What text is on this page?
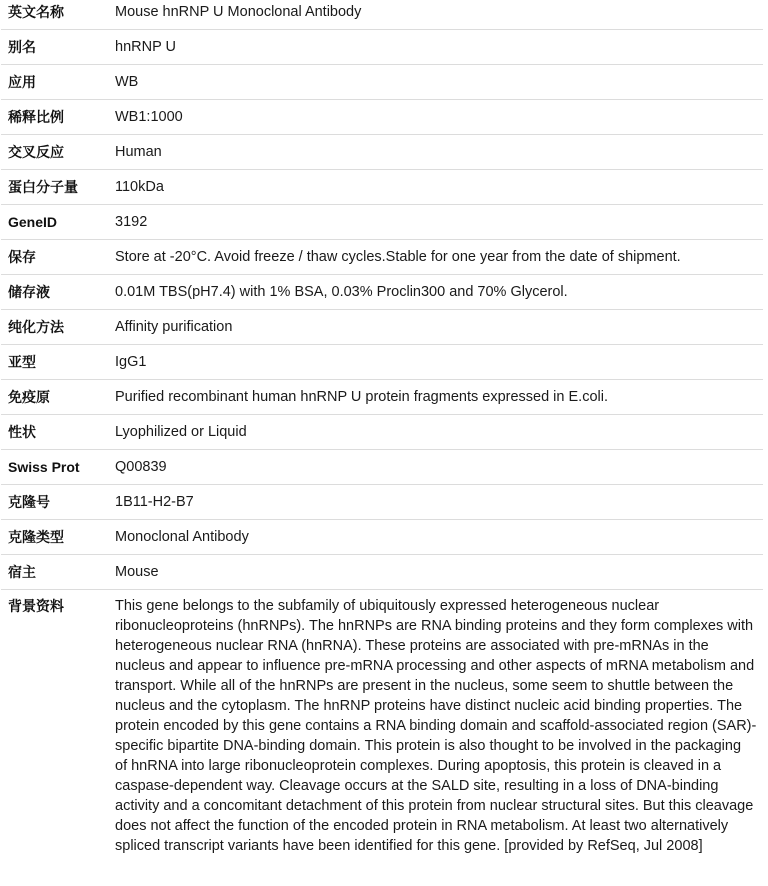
英文名称	Mouse hnRNP U Monoclonal Antibody
别名	hnRNP U
应用	WB
稀释比例	WB1:1000
交叉反应	Human
蛋白分子量	110kDa
GeneID	3192
保存	Store at -20°C. Avoid freeze / thaw cycles.Stable for one year from the date of shipment.
储存液	0.01M TBS(pH7.4) with 1% BSA, 0.03% Proclin300 and 70% Glycerol.
纯化方法	Affinity purification
亚型	IgG1
免疫原	Purified recombinant human hnRNP U protein fragments expressed in E.coli.
性状	Lyophilized or Liquid
Swiss Prot	Q00839
克隆号	1B11-H2-B7
克隆类型	Monoclonal Antibody
宿主	Mouse
背景资料	This gene belongs to the subfamily of ubiquitously expressed heterogeneous nuclear ribonucleoproteins (hnRNPs). The hnRNPs are RNA binding proteins and they form complexes with heterogeneous nuclear RNA (hnRNA). These proteins are associated with pre-mRNAs in the nucleus and appear to influence pre-mRNA processing and other aspects of mRNA metabolism and transport. While all of the hnRNPs are present in the nucleus, some seem to shuttle between the nucleus and the cytoplasm. The hnRNP proteins have distinct nucleic acid binding properties. The protein encoded by this gene contains a RNA binding domain and scaffold-associated region (SAR)-specific bipartite DNA-binding domain. This protein is also thought to be involved in the packaging of hnRNA into large ribonucleoprotein complexes. During apoptosis, this protein is cleaved in a caspase-dependent way. Cleavage occurs at the SALD site, resulting in a loss of DNA-binding activity and a concomitant detachment of this protein from nuclear structural sites. But this cleavage does not affect the function of the encoded protein in RNA metabolism. At least two alternatively spliced transcript variants have been identified for this gene. [provided by RefSeq, Jul 2008]
